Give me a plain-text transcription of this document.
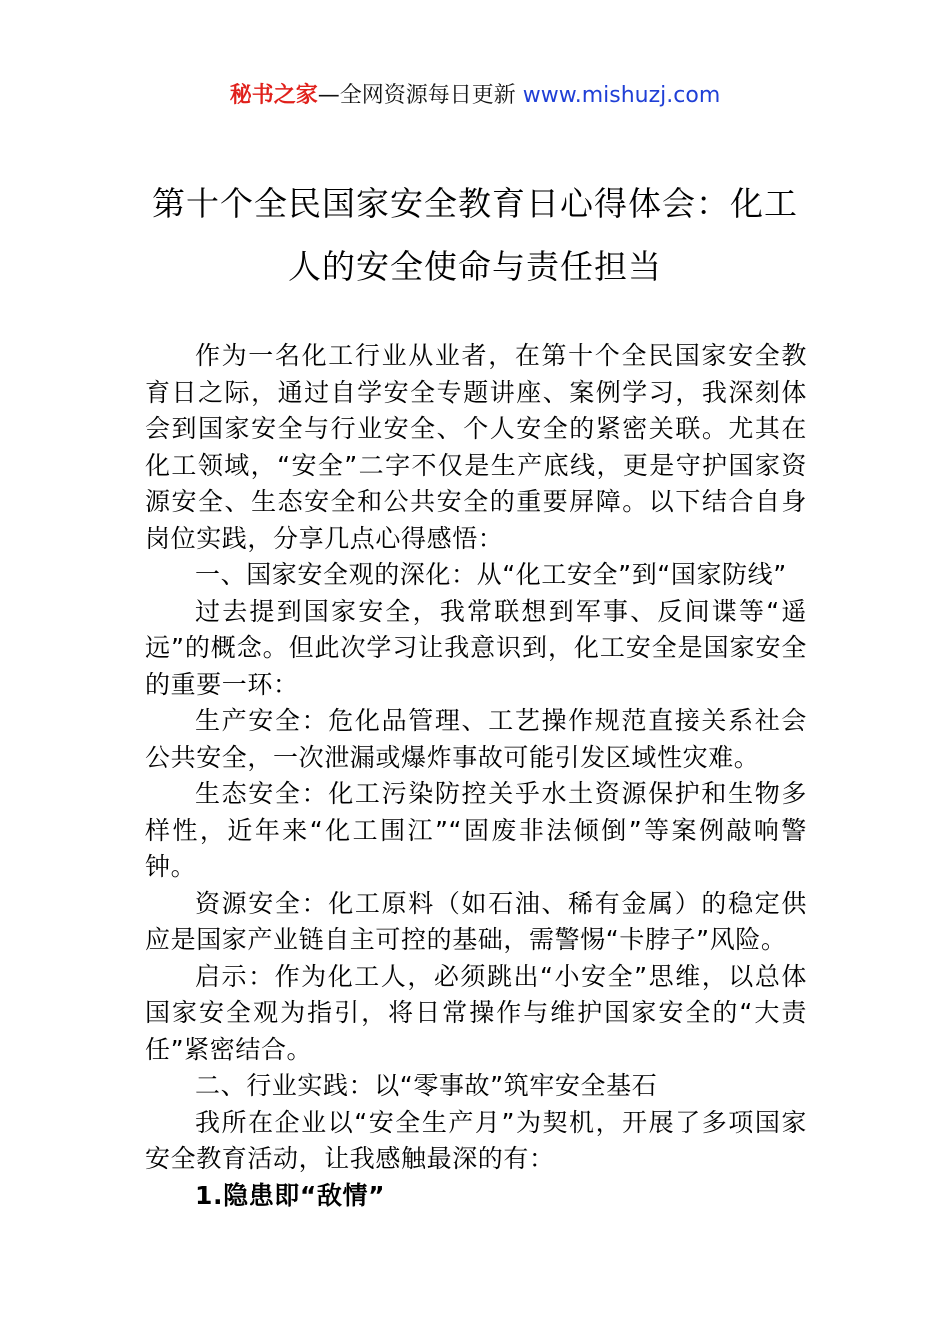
秘书之家—全网资源每日更新 www.mishuzj.com
第十个全民国家安全教育日心得体会：化工人的安全使命与责任担当

作为一名化工行业从业者，在第十个全民国家安全教育日之际，通过自学安全专题讲座、案例学习，我深刻体会到国家安全与行业安全、个人安全的紧密关联。尤其在化工领域，“安全”二字不仅是生产底线，更是守护国家资源安全、生态安全和公共安全的重要屏障。以下结合自身岗位实践，分享几点心得感悟：

一、国家安全观的深化：从“化工安全”到“国家防线”

过去提到国家安全，我常联想到军事、反间谍等“遥远”的概念。但此次学习让我意识到，化工安全是国家安全的重要一环：

生产安全：危化品管理、工艺操作规范直接关系社会公共安全，一次泄漏或爆炸事故可能引发区域性灾难。

生态安全：化工污染防控关乎水土资源保护和生物多样性，近年来“化工围江”“固废非法倾倒”等案例敲响警钟。

资源安全：化工原料（如石油、稀有金属）的稳定供应是国家产业链自主可控的基础，需警惕“卡脖子”风险。

启示：作为化工人，必须跳出“小安全”思维，以总体国家安全观为指引，将日常操作与维护国家安全的“大责任”紧密结合。

二、行业实践：以“零事故”筑牢安全基石

我所在企业以“安全生产月”为契机，开展了多项国家安全教育活动，让我感触最深的有：

1.隐患即“敌情”
